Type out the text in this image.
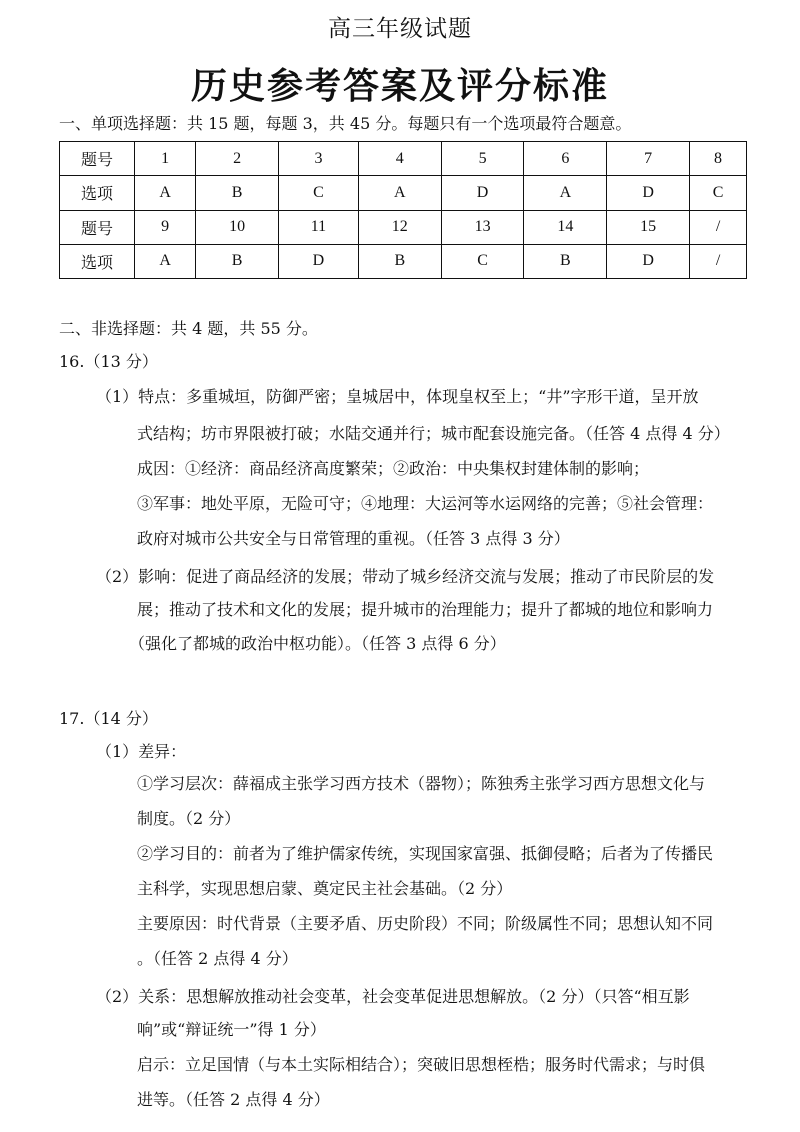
高三年级试题
历史参考答案及评分标准
一、单项选择题：共 15 题，每题 3，共 45 分。每题只有一个选项最符合题意。
题号	1	2	3	4	5	6	7	8
选项	A	B	C	A	D	A	D	C
题号	9	10	11	12	13	14	15	/
选项	A	B	D	B	C	B	D	/
二、非选择题：共 4 题，共 55 分。
16.（13 分）
（1）特点：多重城垣，防御严密；皇城居中，体现皇权至上；“井”字形干道，呈开放
式结构；坊市界限被打破；水陆交通并行；城市配套设施完备。（任答 4 点得 4 分）
成因：①经济：商品经济高度繁荣；②政治：中央集权封建体制的影响；
③军事：地处平原，无险可守；④地理：大运河等水运网络的完善；⑤社会管理：
政府对城市公共安全与日常管理的重视。（任答 3 点得 3 分）
（2）影响：促进了商品经济的发展；带动了城乡经济交流与发展；推动了市民阶层的发
展；推动了技术和文化的发展；提升城市的治理能力；提升了都城的地位和影响力
（强化了都城的政治中枢功能）。（任答 3 点得 6 分）
17.（14 分）
（1）差异：
①学习层次：薛福成主张学习西方技术（器物）；陈独秀主张学习西方思想文化与
制度。（2 分）
②学习目的：前者为了维护儒家传统，实现国家富强、抵御侵略；后者为了传播民
主科学，实现思想启蒙、奠定民主社会基础。（2 分）
主要原因：时代背景（主要矛盾、历史阶段）不同；阶级属性不同；思想认知不同
。（任答 2 点得 4 分）
（2）关系：思想解放推动社会变革，社会变革促进思想解放。（2 分）（只答“相互影
响”或“辩证统一”得 1 分）
启示：立足国情（与本土实际相结合）；突破旧思想桎梏；服务时代需求；与时俱
进等。（任答 2 点得 4 分）
